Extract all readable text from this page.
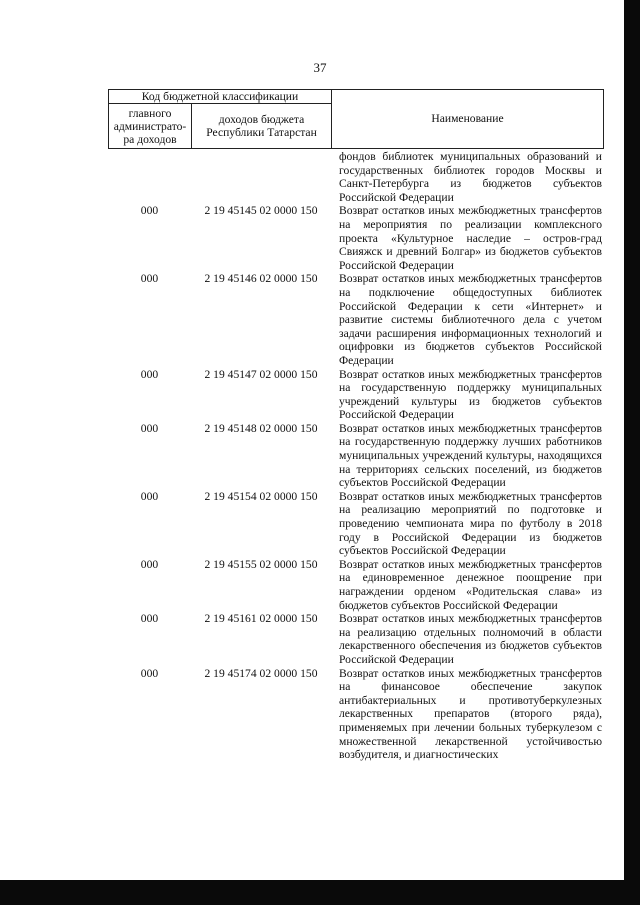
37
Код бюджетной классификации
главного администрато-ра доходов
доходов бюджета Республики Татарстан
Наименование
фондов библиотек муниципальных образований и государственных библиотек городов Москвы и Санкт-Петербурга из бюджетов субъектов Российской Федерации
000	2 19 45145 02 0000 150	Возврат остатков иных межбюджетных трансфертов на мероприятия по реализации комплексного проекта «Культурное наследие – остров-град Свияжск и древний Болгар» из бюджетов субъектов Российской Федерации
000	2 19 45146 02 0000 150	Возврат остатков иных межбюджетных трансфертов на подключение общедоступных библиотек Российской Федерации к сети «Интернет» и развитие системы библиотечного дела с учетом задачи расширения информационных технологий и оцифровки из бюджетов субъектов Российской Федерации
000	2 19 45147 02 0000 150	Возврат остатков иных межбюджетных трансфертов на государственную поддержку муниципальных учреждений культуры из бюджетов субъектов Российской Федерации
000	2 19 45148 02 0000 150	Возврат остатков иных межбюджетных трансфертов на государственную поддержку лучших работников муниципальных учреждений культуры, находящихся на территориях сельских поселений, из бюджетов субъектов Российской Федерации
000	2 19 45154 02 0000 150	Возврат остатков иных межбюджетных трансфертов на реализацию мероприятий по подготовке и проведению чемпионата мира по футболу в 2018 году в Российской Федерации из бюджетов субъектов Российской Федерации
000	2 19 45155 02 0000 150	Возврат остатков иных межбюджетных трансфертов на единовременное денежное поощрение при награждении орденом «Родительская слава» из бюджетов субъектов Российской Федерации
000	2 19 45161 02 0000 150	Возврат остатков иных межбюджетных трансфертов на реализацию отдельных полномочий в области лекарственного обеспечения из бюджетов субъектов Российской Федерации
000	2 19 45174 02 0000 150	Возврат остатков иных межбюджетных трансфертов на финансовое обеспечение закупок антибактериальных и противотуберкулезных лекарственных препаратов (второго ряда), применяемых при лечении больных туберкулезом с множественной лекарственной устойчивостью возбудителя, и диагностических
